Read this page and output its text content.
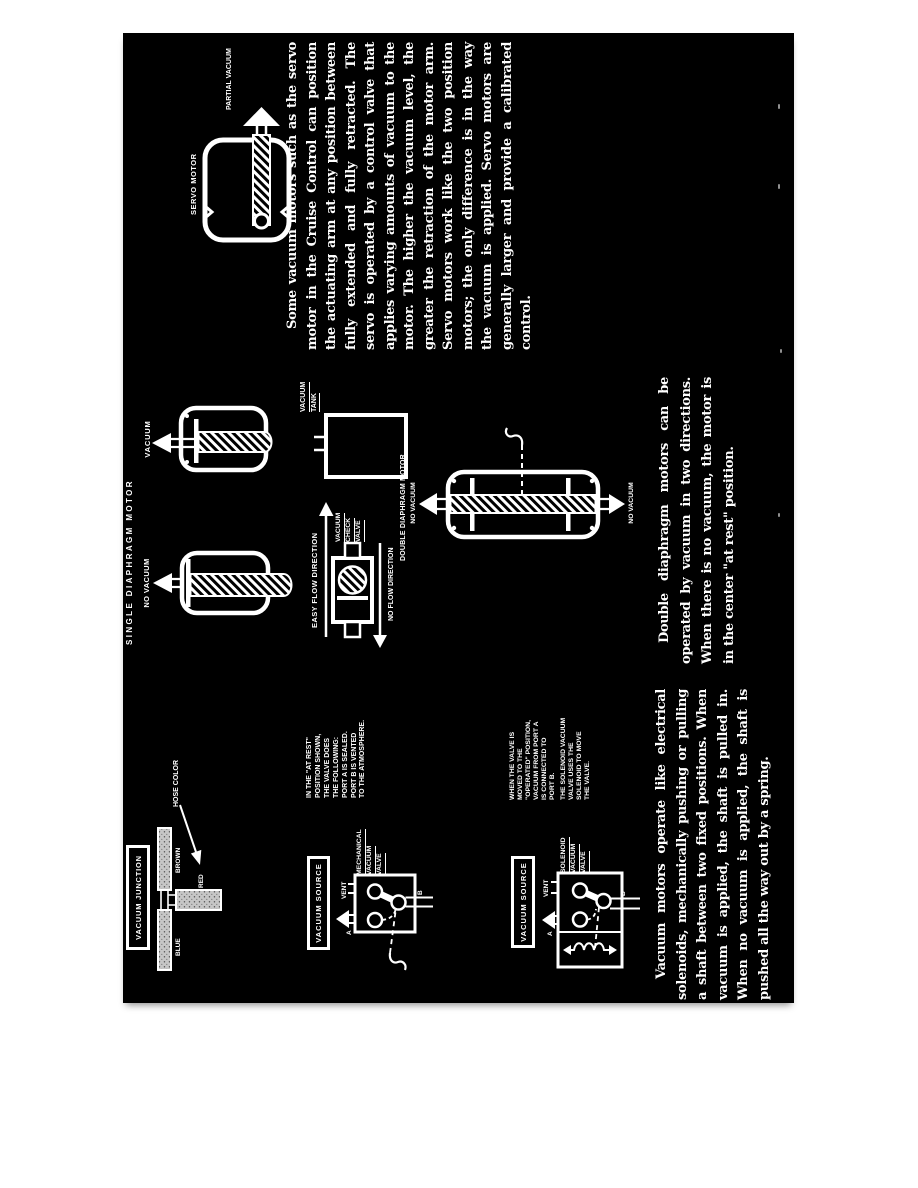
VACUUM JUNCTION
BLUE
BROWN
RED
HOSE COLOR
VACUUM SOURCE
IN THE "AT REST" POSITION SHOWN, THE VALVE DOES THE FOLLOWING: PORT A IS SEALED. PORT B IS VENTED TO THE ATMOSPHERE.
MECHANICAL VACUUM VALVE
VENT
A
B	VACUUM SOURCE
WHEN THE VALVE IS MOVED TO THE "OPERATED" POSITION, VACUUM FROM PORT A IS CONNECTED TO PORT B. THE SOLENOID VACUUM VALVE USES THE SOLENOID TO MOVE THE VALVE.
SOLENOID VACUUM VALVE
VENT
A
B
SINGLE DIAPHRAGM MOTOR NO VACUUM
VACUUM
EASY FLOW DIRECTION	NO FLOW DIRECTION
VACUUM CHECK VALVE
VACUUM TANK
DOUBLE DIAPHRAGM MOTOR NO VACUUM	NO VACUUM
SERVO MOTOR
PARTIAL VACUUM	Some vacuum motors such as the servo motor in the Cruise Control can position the actuating arm at any position between fully extended and fully retracted. The servo is operated by a control valve that applies varying amounts of vacuum to the motor. The higher the vacuum level, the greater the retraction of the motor arm. Servo motors work like the two position motors; the only difference is in the way the vacuum is applied. Servo motors are generally larger and provide a calibrated control.
Double diaphragm motors can be operated by vacuum in two directions. When there is no vacuum, the motor is in the center "at rest" position.
Vacuum motors operate like electrical solenoids, mechanically pushing or pulling a shaft between two fixed positions. When vacuum is applied, the shaft is pulled in. When no vacuum is applied, the shaft is pushed all the way out by a spring.
